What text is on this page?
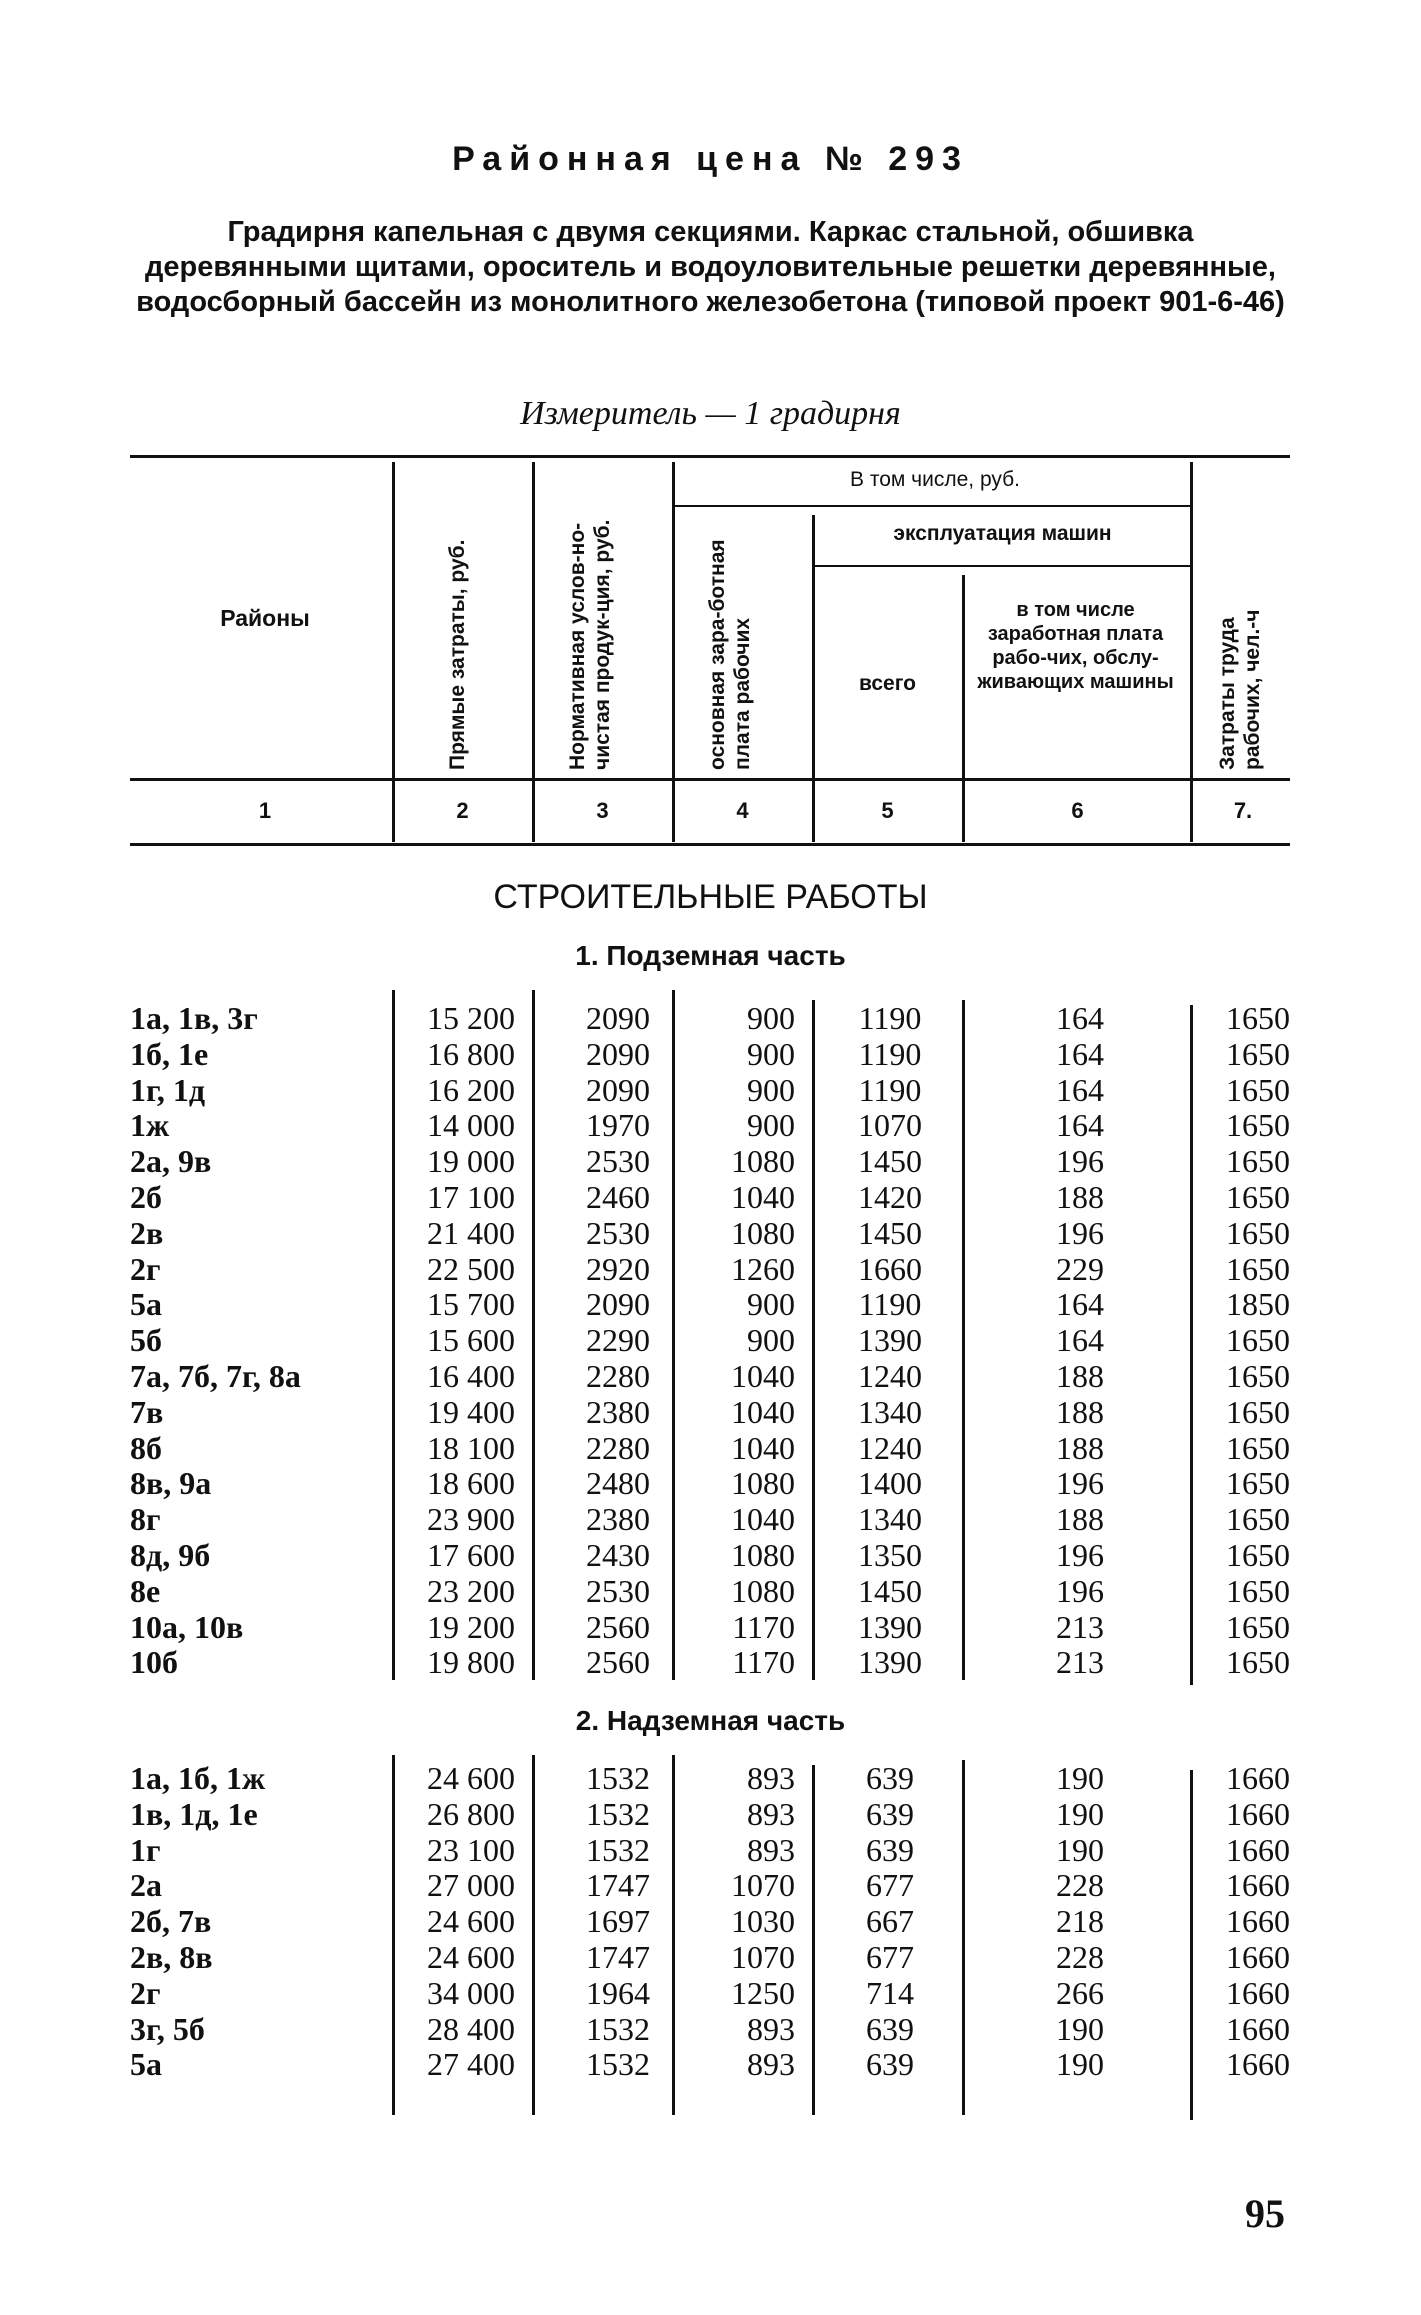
Районная цена № 293
Градирня капельная с двумя секциями. Каркас стальной, обшивка деревянными щитами, ороситель и водоуловительные решетки деревянные, водосборный бассейн из монолитного железобетона (типовой проект 901-6-46)
Измеритель — 1 градирня
Районы	Прямые затраты, руб.	Нормативная услов-но-чистая продук-ция, руб.
В том числе, руб.
основная зара-ботная плата рабочих
эксплуатация машин
всего
в том числе заработная плата рабо-чих, обслу-живающих машины	Затраты труда рабочих, чел.-ч
1	2	3	4	5	6	7.
СТРОИТЕЛЬНЫЕ РАБОТЫ
1. Подземная часть
1а, 1в, 3г	15 200	2090	900	1190	164	1650
1б, 1е	16 800	2090	900	1190	164	1650
1г, 1д	16 200	2090	900	1190	164	1650
1ж	14 000	1970	900	1070	164	1650
2а, 9в	19 000	2530	1080	1450	196	1650
2б	17 100	2460	1040	1420	188	1650
2в	21 400	2530	1080	1450	196	1650
2г	22 500	2920	1260	1660	229	1650
5а	15 700	2090	900	1190	164	1850
5б	15 600	2290	900	1390	164	1650
7а, 7б, 7г, 8а	16 400	2280	1040	1240	188	1650
7в	19 400	2380	1040	1340	188	1650
8б	18 100	2280	1040	1240	188	1650
8в, 9а	18 600	2480	1080	1400	196	1650
8г	23 900	2380	1040	1340	188	1650
8д, 9б	17 600	2430	1080	1350	196	1650
8е	23 200	2530	1080	1450	196	1650
10а, 10в	19 200	2560	1170	1390	213	1650
10б	19 800	2560	1170	1390	213	1650
2. Надземная часть
1а, 1б, 1ж	24 600	1532	893	639	190	1660
1в, 1д, 1е	26 800	1532	893	639	190	1660
1г	23 100	1532	893	639	190	1660
2а	27 000	1747	1070	677	228	1660
2б, 7в	24 600	1697	1030	667	218	1660
2в, 8в	24 600	1747	1070	677	228	1660
2г	34 000	1964	1250	714	266	1660
3г, 5б	28 400	1532	893	639	190	1660
5а	27 400	1532	893	639	190	1660
95
